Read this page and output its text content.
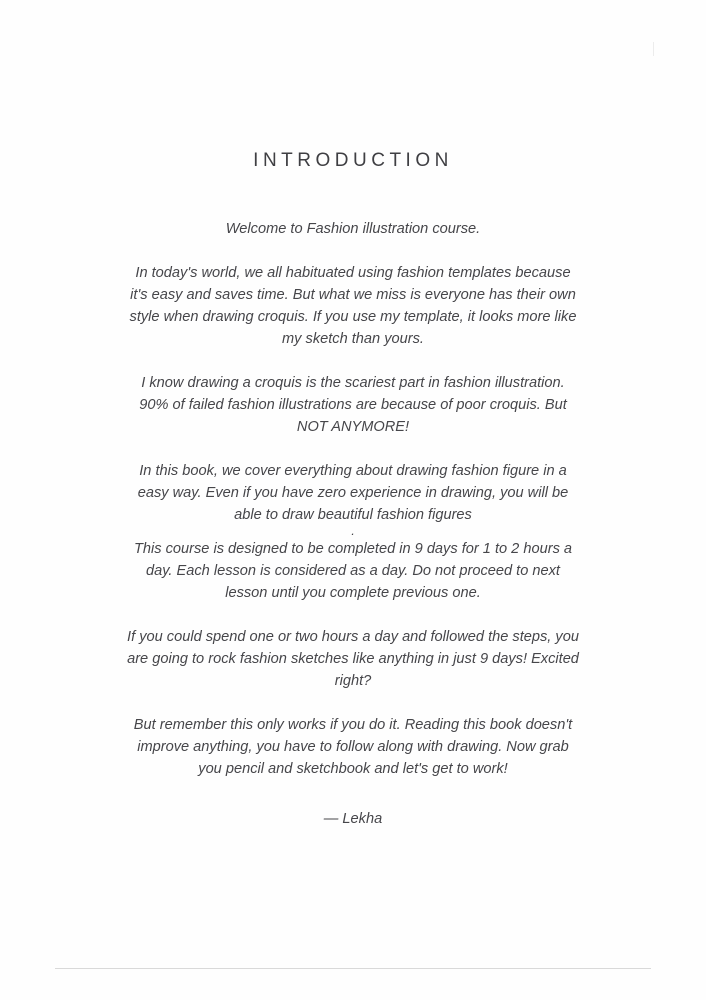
INTRODUCTION

Welcome to Fashion illustration course.

In today's world, we all habituated using fashion templates because it's easy and saves time. But what we miss is everyone has their own style when drawing croquis. If you use my template, it looks more like my sketch than yours.

I know drawing a croquis is the scariest part in fashion illustration. 90% of failed fashion illustrations are because of poor croquis. But NOT ANYMORE!

In this book, we cover everything about drawing fashion figure in a easy way. Even if you have zero experience in drawing, you will be able to draw beautiful fashion figures

.

This course is designed to be completed in 9 days for 1 to 2 hours a day. Each lesson is considered as a day. Do not proceed to next lesson until you complete previous one.

If you could spend one or two hours a day and followed the steps, you are going to rock fashion sketches like anything in just 9 days! Excited right?

But remember this only works if you do it. Reading this book doesn't improve anything, you have to follow along with drawing. Now grab you pencil and sketchbook and let's get to work!

— Lekha
